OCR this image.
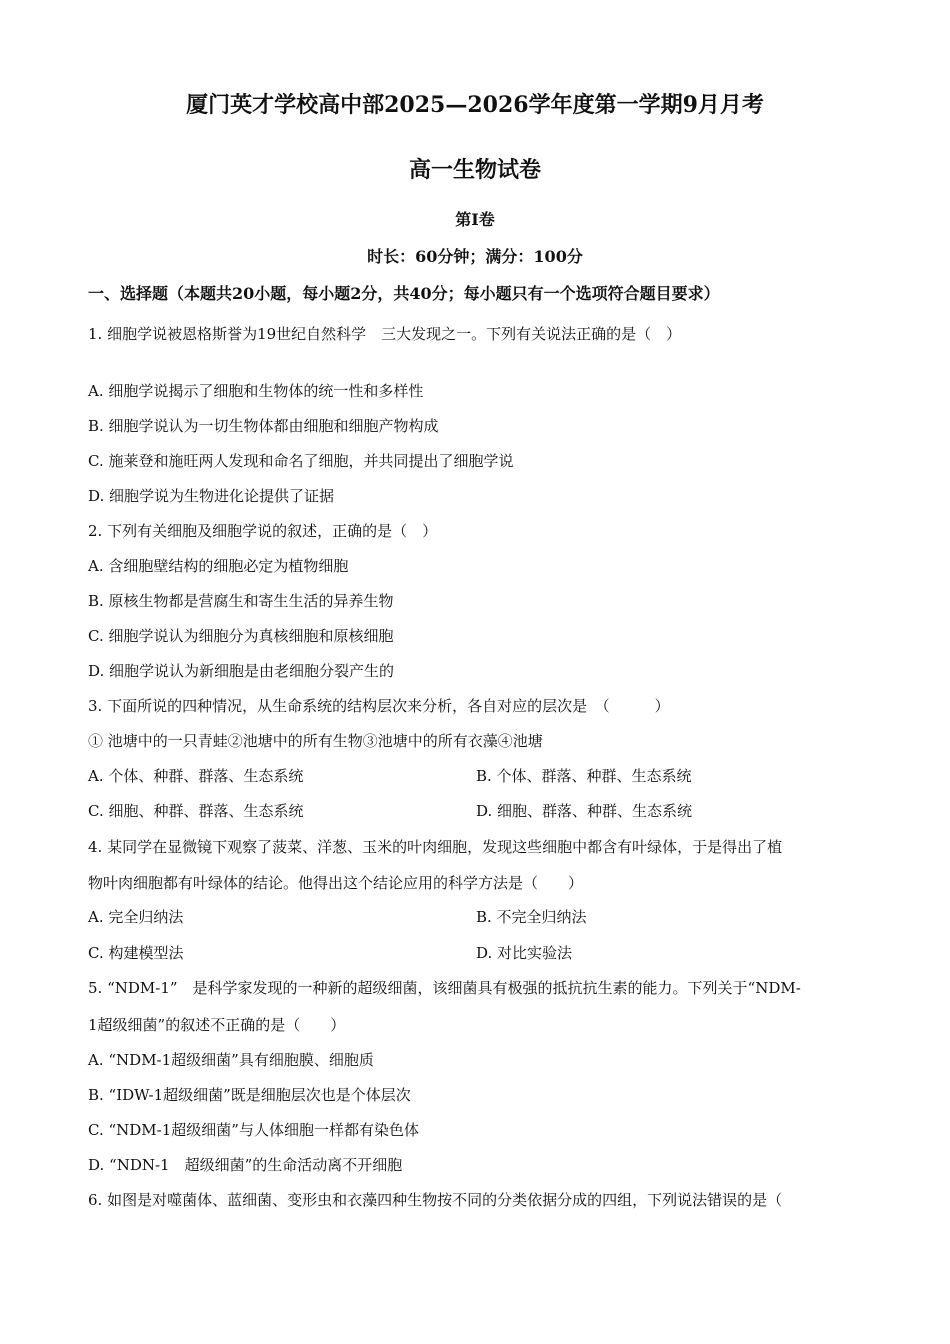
厦门英才学校高中部2025—2026学年度第一学期9月月考
高一生物试卷
第Ⅰ卷
时长：60分钟；满分：100分
一、选择题（本题共20小题，每小题2分，共40分；每小题只有一个选项符合题目要求）
1. 细胞学说被恩格斯誉为19世纪自然科学　三大发现之一。下列有关说法正确的是（　）
A. 细胞学说揭示了细胞和生物体的统一性和多样性
B. 细胞学说认为一切生物体都由细胞和细胞产物构成
C. 施莱登和施旺两人发现和命名了细胞，并共同提出了细胞学说
D. 细胞学说为生物进化论提供了证据
2. 下列有关细胞及细胞学说的叙述，正确的是（　）
A. 含细胞壁结构的细胞必定为植物细胞
B. 原核生物都是营腐生和寄生生活的异养生物
C. 细胞学说认为细胞分为真核细胞和原核细胞
D. 细胞学说认为新细胞是由老细胞分裂产生的
3. 下面所说的四种情况，从生命系统的结构层次来分析，各自对应的层次是　（　　　）
① 池塘中的一只青蛙②池塘中的所有生物③池塘中的所有衣藻④池塘
A. 个体、种群、群落、生态系统	B. 个体、群落、种群、生态系统
C. 细胞、种群、群落、生态系统	D. 细胞、群落、种群、生态系统
4. 某同学在显微镜下观察了菠菜、洋葱、玉米的叶肉细胞，发现这些细胞中都含有叶绿体，于是得出了植
物叶肉细胞都有叶绿体的结论。他得出这个结论应用的科学方法是（　　）
A. 完全归纳法	B. 不完全归纳法
C. 构建模型法	D. 对比实验法
5. “NDM-1”　是科学家发现的一种新的超级细菌，该细菌具有极强的抵抗抗生素的能力。下列关于“NDM-
1超级细菌”的叙述不正确的是（　　）
A. “NDM-1超级细菌”具有细胞膜、细胞质
B. “IDW-1超级细菌”既是细胞层次也是个体层次
C. “NDM-1超级细菌”与人体细胞一样都有染色体
D. “NDN-1　超级细菌”的生命活动离不开细胞
6. 如图是对噬菌体、蓝细菌、变形虫和衣藻四种生物按不同的分类依据分成的四组，下列说法错误的是（
